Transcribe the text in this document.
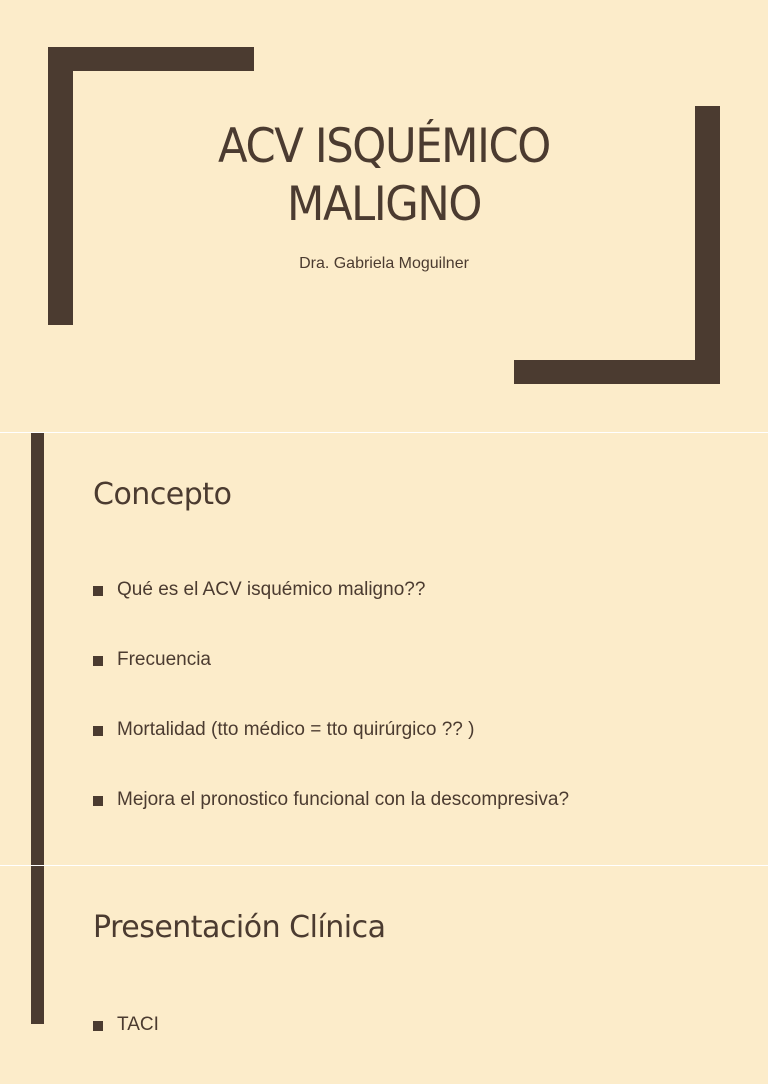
ACV ISQUÉMICO
MALIGNO
Dra. Gabriela Moguilner
Concepto
Qué es el ACV isquémico maligno??
Frecuencia
Mortalidad (tto médico = tto quirúrgico ?? )
Mejora el pronostico funcional con la descompresiva?
Presentación Clínica
TACI
